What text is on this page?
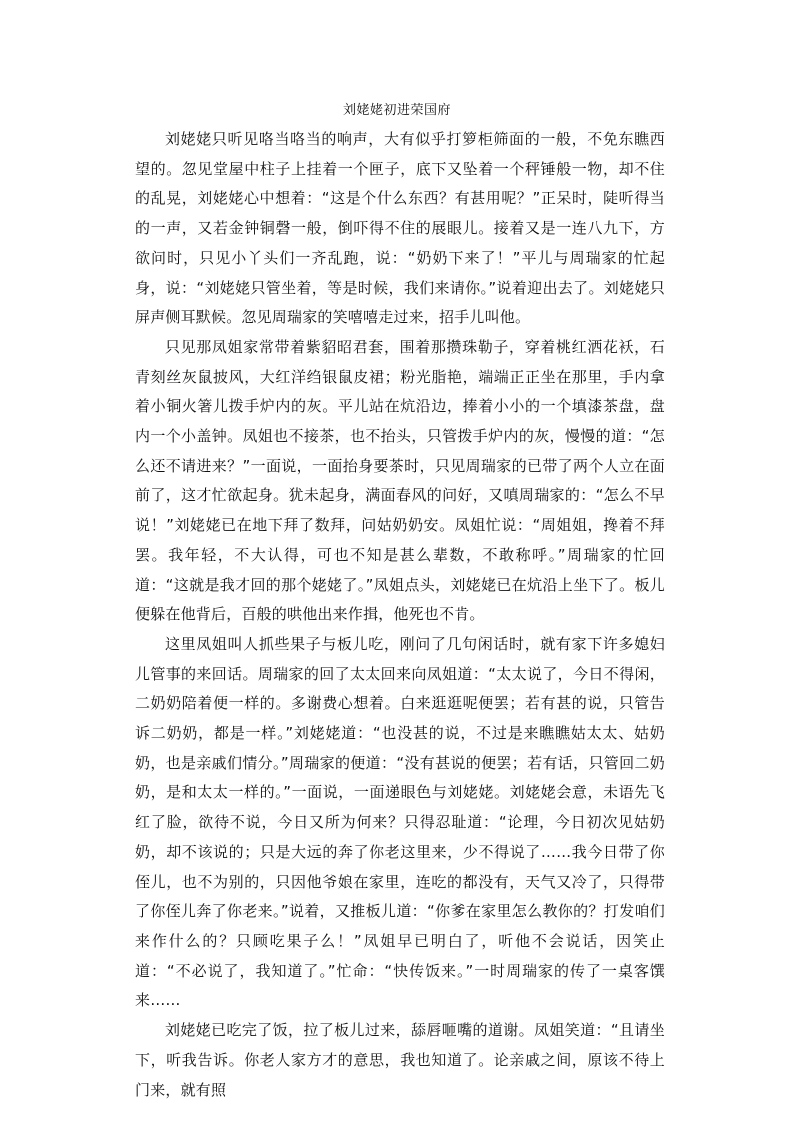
刘姥姥初进荣国府

刘姥姥只听见咯当咯当的响声，大有似乎打箩柜筛面的一般，不免东瞧西望的。忽见堂屋中柱子上挂着一个匣子，底下又坠着一个秤锤般一物，却不住的乱晃，刘姥姥心中想着：“这是个什么东西？有甚用呢？”正呆时，陡听得当的一声，又若金钟铜磬一般，倒吓得不住的展眼儿。接着又是一连八九下，方欲问时，只见小丫头们一齐乱跑，说：“奶奶下来了！”平儿与周瑞家的忙起身，说：“刘姥姥只管坐着，等是时候，我们来请你。”说着迎出去了。刘姥姥只屏声侧耳默候。忽见周瑞家的笑嘻嘻走过来，招手儿叫他。

只见那凤姐家常带着紫貂昭君套，围着那攒珠勒子，穿着桃红洒花袄，石青刻丝灰鼠披风，大红洋绉银鼠皮裙；粉光脂艳，端端正正坐在那里，手内拿着小铜火箸儿拨手炉内的灰。平儿站在炕沿边，捧着小小的一个填漆茶盘，盘内一个小盖钟。凤姐也不接茶，也不抬头，只管拨手炉内的灰，慢慢的道：“怎么还不请进来？”一面说，一面抬身要茶时，只见周瑞家的已带了两个人立在面前了，这才忙欲起身。犹未起身，满面春风的问好，又嗔周瑞家的：“怎么不早说！”刘姥姥已在地下拜了数拜，问姑奶奶安。凤姐忙说：“周姐姐，搀着不拜罢。我年轻，不大认得，可也不知是甚么辈数，不敢称呼。”周瑞家的忙回道：“这就是我才回的那个姥姥了。”凤姐点头，刘姥姥已在炕沿上坐下了。板儿便躲在他背后，百般的哄他出来作揖，他死也不肯。

这里凤姐叫人抓些果子与板儿吃，刚问了几句闲话时，就有家下许多媳妇儿管事的来回话。周瑞家的回了太太回来向凤姐道：“太太说了，今日不得闲，二奶奶陪着便一样的。多谢费心想着。白来逛逛呢便罢；若有甚的说，只管告诉二奶奶，都是一样。”刘姥姥道：“也没甚的说，不过是来瞧瞧姑太太、姑奶奶，也是亲戚们情分。”周瑞家的便道：“没有甚说的便罢；若有话，只管回二奶奶，是和太太一样的。”一面说，一面递眼色与刘姥姥。刘姥姥会意，未语先飞红了脸，欲待不说，今日又所为何来？只得忍耻道：“论理，今日初次见姑奶奶，却不该说的；只是大远的奔了你老这里来，少不得说了……我今日带了你侄儿，也不为别的，只因他爷娘在家里，连吃的都没有，天气又冷了，只得带了你侄儿奔了你老来。”说着，又推板儿道：“你爹在家里怎么教你的？打发咱们来作什么的？只顾吃果子么！”凤姐早已明白了，听他不会说话，因笑止道：“不必说了，我知道了。”忙命：“快传饭来。”一时周瑞家的传了一桌客馔来……

刘姥姥已吃完了饭，拉了板儿过来，舔唇咂嘴的道谢。凤姐笑道：“且请坐下，听我告诉。你老人家方才的意思，我也知道了。论亲戚之间，原该不待上门来，就有照
